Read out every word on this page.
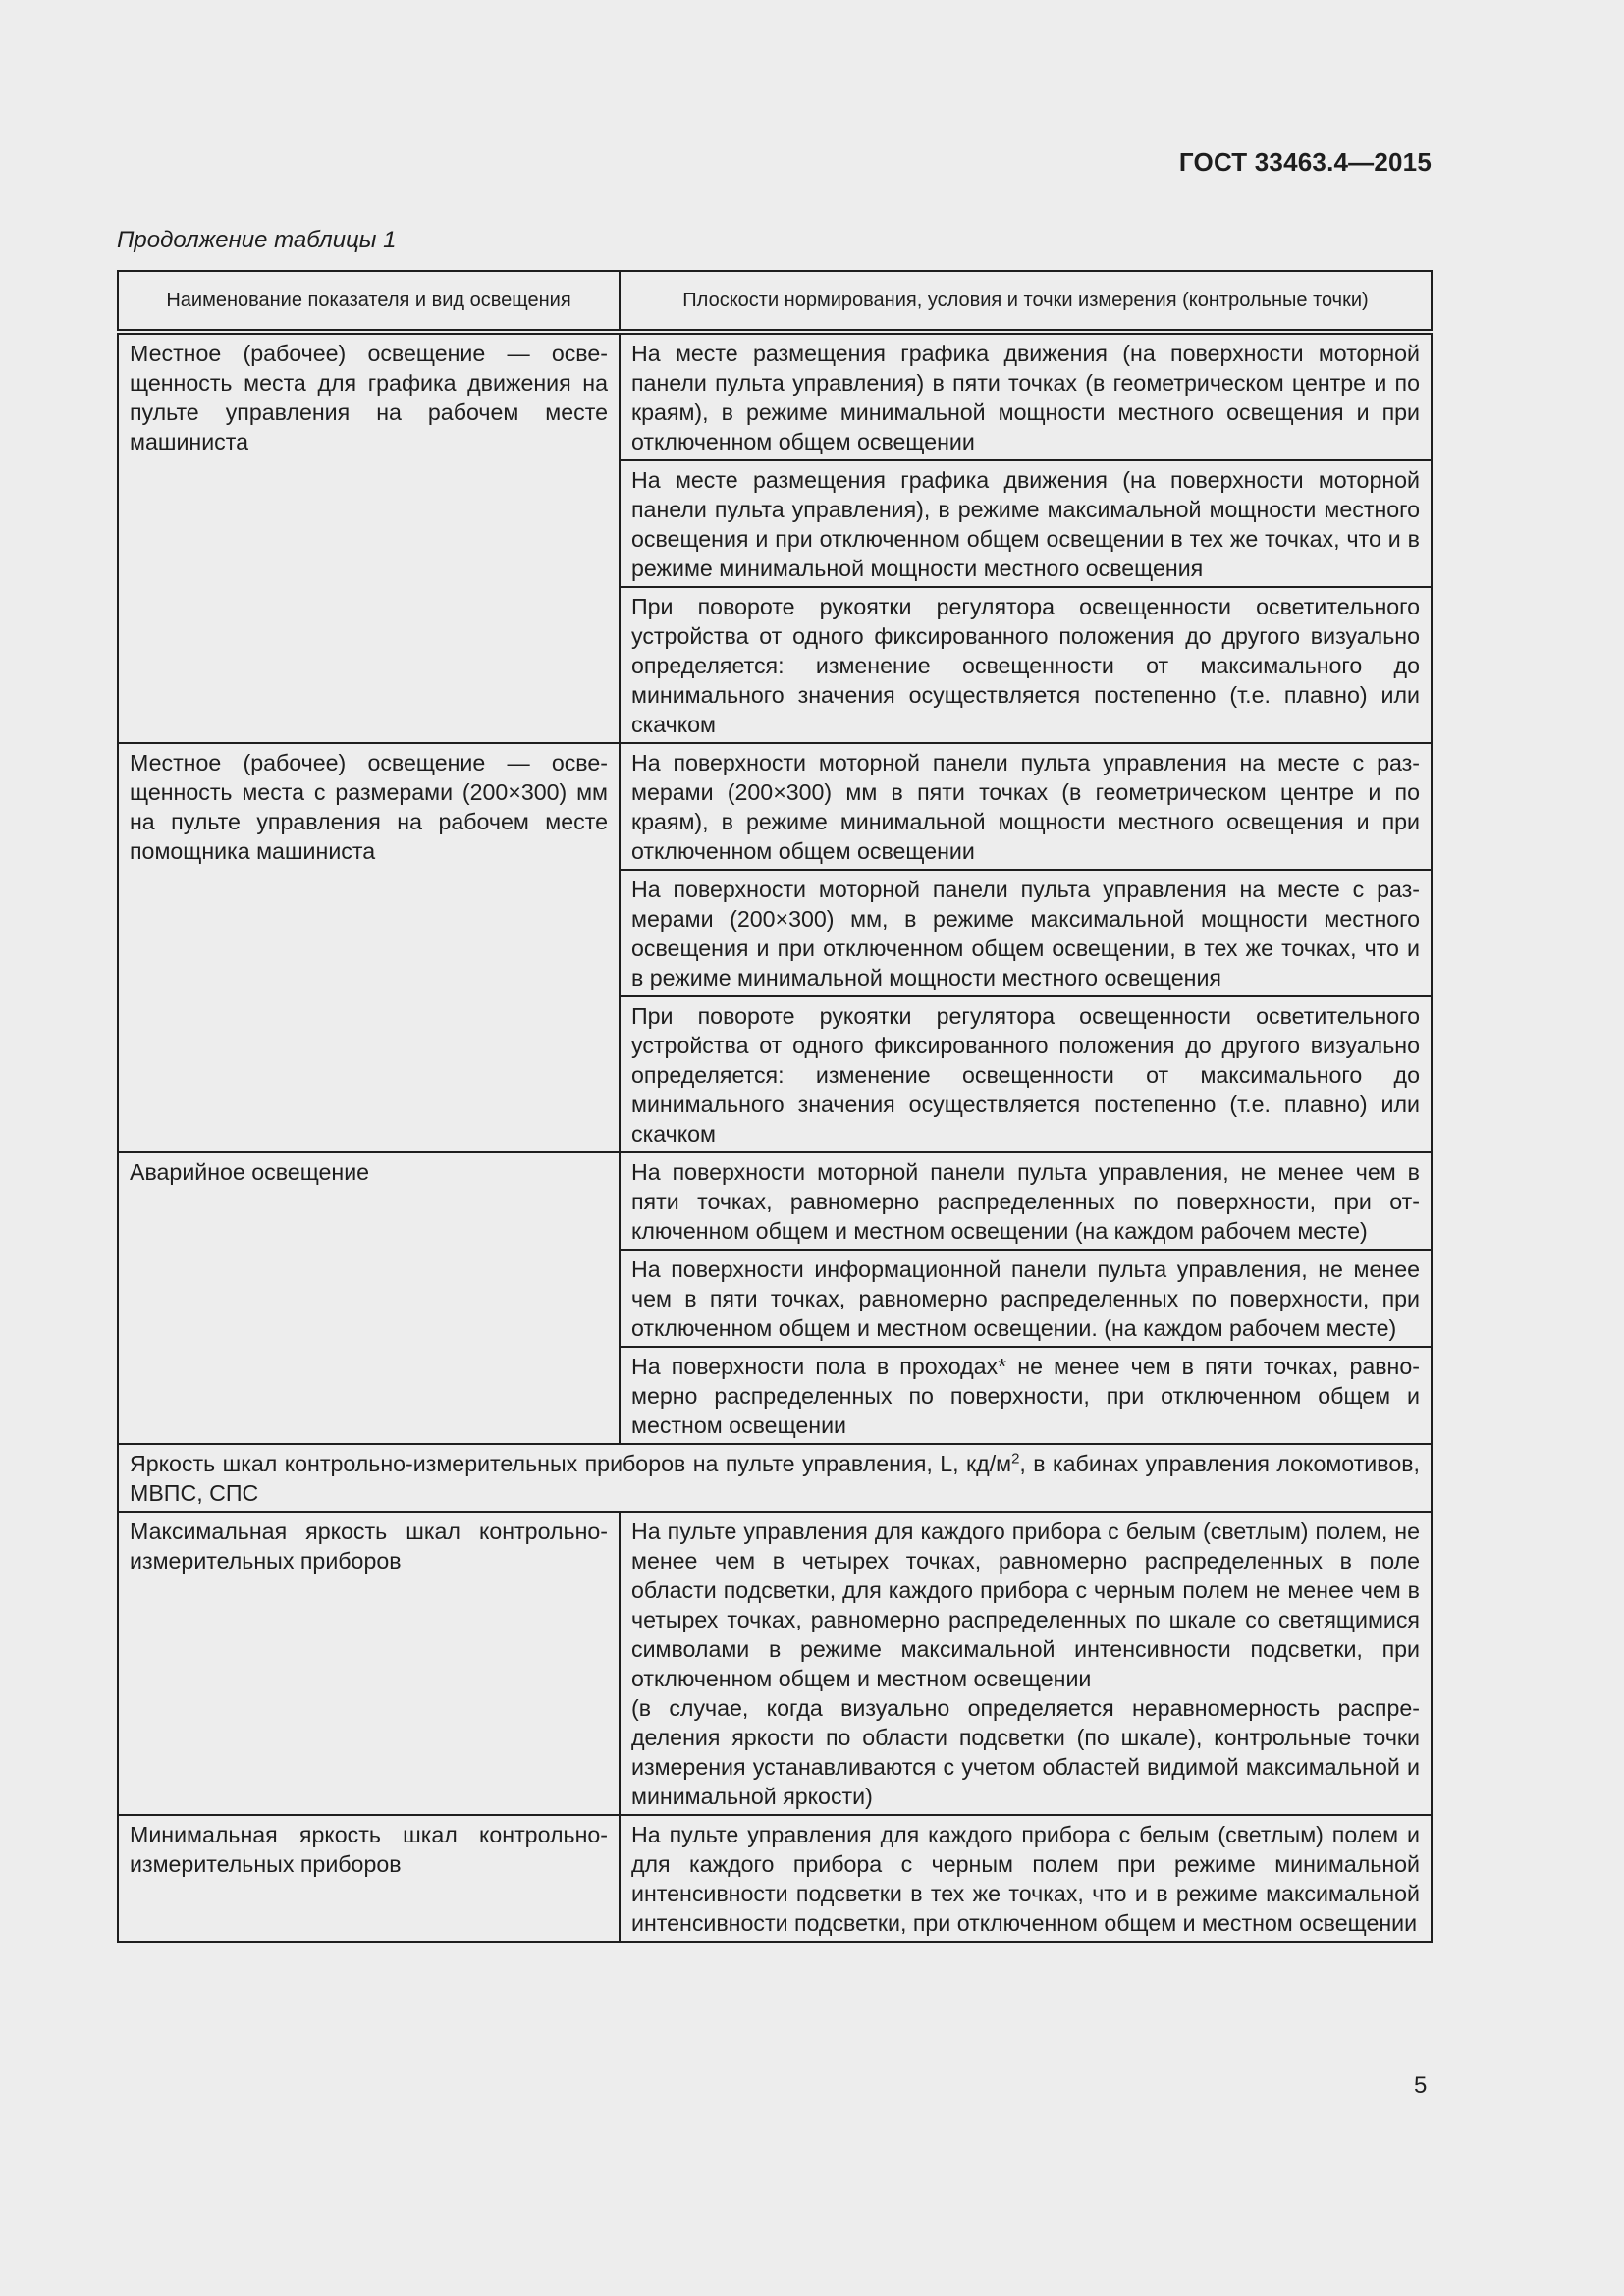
ГОСТ 33463.4—2015
Продолжение таблицы 1
Наименование показателя и вид освещения	Плоскости нормирования, условия и точки измерения (контрольные точки)
Местное (рабочее) освещение — освещенность места для графика движения на пульте управления на рабочем месте машиниста	На месте размещения графика движения (на поверхности моторной панели пульта управления) в пяти точках (в геометрическом центре и по краям), в режиме минимальной мощности местного освещения и при отключенном общем освещении
	На месте размещения графика движения (на поверхности моторной панели пульта управления), в режиме максимальной мощности местного освещения и при отключенном общем освещении в тех же точках, что и в режиме минимальной мощности местного освещения
	При повороте рукоятки регулятора освещенности осветительного устройства от одного фиксированного положения до другого визуально определяется: изменение освещенности от максимального до минимального значения осуществляется постепенно (т.е. плавно) или скачком
Местное (рабочее) освещение — освещенность места с размерами (200×300) мм на пульте управления на рабочем месте помощника машиниста	На поверхности моторной панели пульта управления на месте с размерами (200×300) мм в пяти точках (в геометрическом центре и по краям), в режиме минимальной мощности местного освещения и при отключенном общем освещении
	На поверхности моторной панели пульта управления на месте с размерами (200×300) мм, в режиме максимальной мощности местного освещения и при отключенном общем освещении, в тех же точках, что и в режиме минимальной мощности местного освещения
	При повороте рукоятки регулятора освещенности осветительного устройства от одного фиксированного положения до другого визуально определяется: изменение освещенности от максимального до минимального значения осуществляется постепенно (т.е. плавно) или скачком
Аварийное освещение	На поверхности моторной панели пульта управления, не менее чем в пяти точках, равномерно распределенных по поверхности, при отключенном общем и местном освещении (на каждом рабочем месте)
	На поверхности информационной панели пульта управления, не менее чем в пяти точках, равномерно распределенных по поверхности, при отключенном общем и местном освещении. (на каждом рабочем месте)
	На поверхности пола в проходах* не менее чем в пяти точках, равномерно распределенных по поверхности, при отключенном общем и местном освещении
Яркость шкал контрольно-измерительных приборов на пульте управления, L, $кд/м^2$, в кабинах управления локомотивов, МВПС, СПС	
Максимальная яркость шкал контрольно-измерительных приборов	На пульте управления для каждого прибора с белым (светлым) полем, не менее чем в четырех точках, равномерно распределенных в поле области подсветки, для каждого прибора с черным полем не менее чем в четырех точках, равномерно распределенных по шкале со светящимися символами в режиме максимальной интенсивности подсветки, при отключенном общем и местном освещении
(в случае, когда визуально определяется неравномерность распределения яркости по области подсветки (по шкале), контрольные точки измерения устанавливаются с учетом областей видимой максимальной и минимальной яркости)

Минимальная яркость шкал контрольно-измерительных приборов	На пульте управления для каждого прибора с белым (светлым) полем и для каждого прибора с черным полем при режиме минимальной интенсивности подсветки в тех же точках, что и в режиме максимальной интенсивности подсветки, при отключенном общем и местном освещении
5
